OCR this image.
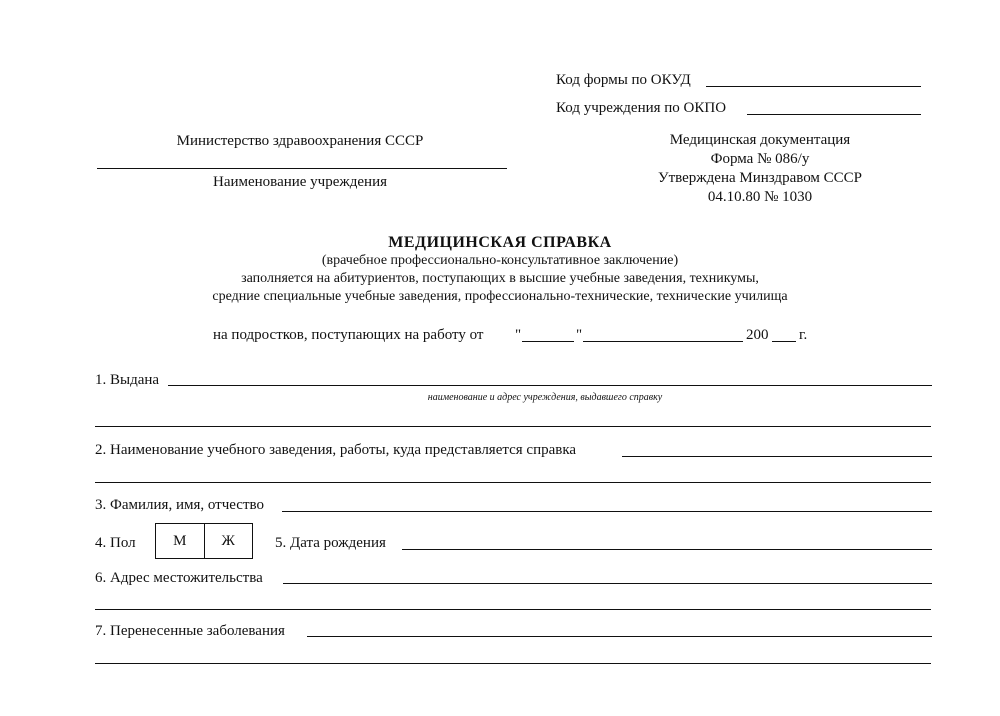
Код формы по ОКУД
Код учреждения по ОКПО
Министерство здравоохранения СССР
Наименование учреждения
Медицинская документация
Форма № 086/у
Утверждена Минздравом СССР
04.10.80 № 1030
МЕДИЦИНСКАЯ СПРАВКА
(врачебное профессионально-консультативное заключение)
заполняется на абитуриентов, поступающих в высшие учебные заведения, техникумы,
средние специальные учебные заведения, профессионально-технические, технические училища
на подростков, поступающих на работу от "	"	200 г.
1. Выдана
наименование и адрес учреждения, выдавшего справку
2. Наименование учебного заведения, работы, куда представляется справка
3. Фамилия, имя, отчество
4. Пол	М	Ж	5. Дата рождения
6. Адрес местожительства
7. Перенесенные заболевания
